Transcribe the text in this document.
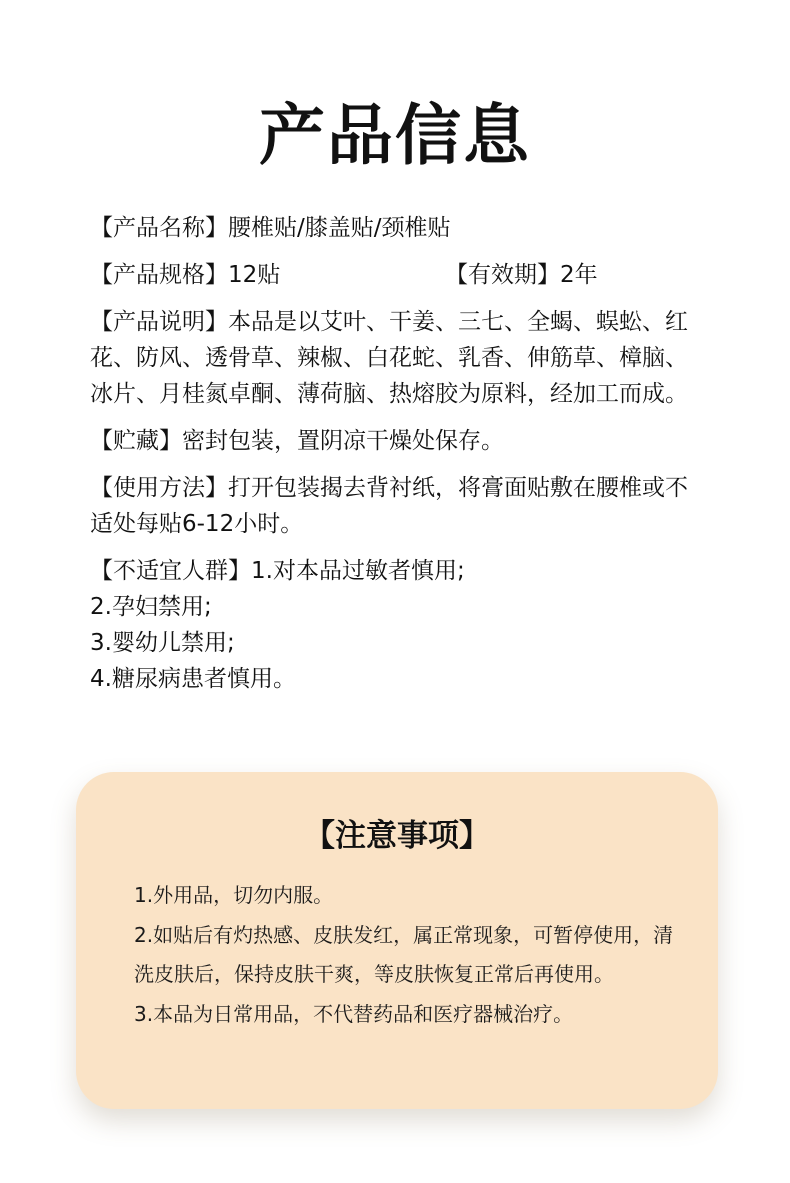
产品信息

【产品名称】腰椎贴/膝盖贴/颈椎贴

【产品规格】12贴	【有效期】2年

【产品说明】本品是以艾叶、干姜、三七、全蝎、蜈蚣、红花、防风、透骨草、辣椒、白花蛇、乳香、伸筋草、樟脑、冰片、月桂氮卓酮、薄荷脑、热熔胶为原料，经加工而成。

【贮藏】密封包装，置阴凉干燥处保存。

【使用方法】打开包装揭去背衬纸，将膏面贴敷在腰椎或不适处每贴6-12小时。

【不适宜人群】1.对本品过敏者慎用;

2.孕妇禁用;

3.婴幼儿禁用;

4.糖尿病患者慎用。

【注意事项】

1.外用品，切勿内服。

2.如贴后有灼热感、皮肤发红，属正常现象，可暂停使用，清洗皮肤后，保持皮肤干爽，等皮肤恢复正常后再使用。

3.本品为日常用品，不代替药品和医疗器械治疗。
